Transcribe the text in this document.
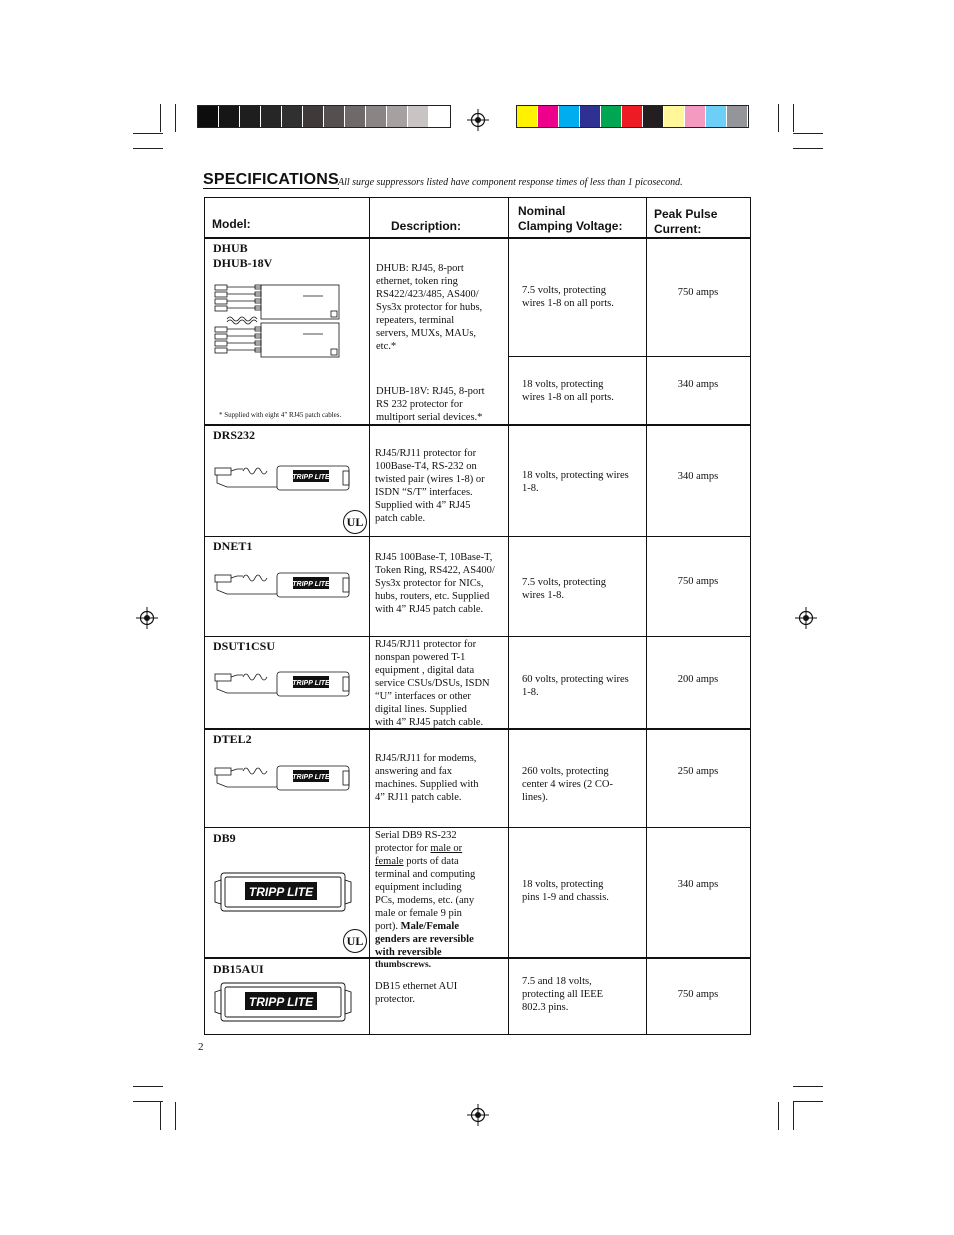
SPECIFICATIONS All surge suppressors listed have component response times of less than 1 picosecond.
Model:	Description:
Nominal
Clamping Voltage:
Peak Pulse
Current:
DHUB
DHUB-18V
* Supplied with eight 4" RJ45 patch cables.
DHUB: RJ45, 8-port
ethernet, token ring
RS422/423/485, AS400/
Sys3x protector for hubs,
repeaters, terminal
servers, MUXs, MAUs,
etc.*
7.5 volts, protecting
wires 1-8 on all ports.
750 amps
DHUB-18V: RJ45, 8-port
RS 232 protector for
multiport serial devices.*
18 volts, protecting
wires 1-8 on all ports.
340 amps
DRS232
TRIPP LITE
UL
RJ45/RJ11 protector for
100Base-T4, RS-232 on
twisted pair (wires 1-8) or
ISDN “S/T” interfaces.
Supplied with 4” RJ45
patch cable.
18 volts, protecting wires
1-8.
340 amps
DNET1
TRIPP LITE
RJ45 100Base-T, 10Base-T,
Token Ring, RS422, AS400/
Sys3x protector for NICs,
hubs, routers, etc. Supplied
with 4” RJ45 patch cable.
7.5 volts, protecting
wires 1-8.
750 amps
DSUT1CSU
TRIPP LITE
RJ45/RJ11 protector for
nonspan powered T-1
equipment , digital data
service CSUs/DSUs, ISDN
“U” interfaces or other
digital lines. Supplied
with 4” RJ45 patch cable.
60 volts, protecting wires
1-8.
200 amps
DTEL2
TRIPP LITE
RJ45/RJ11 for modems,
answering and fax
machines. Supplied with
4” RJ11 patch cable.
260 volts, protecting
center 4 wires (2 CO-
lines).
250 amps
DB9
TRIPP LITE
UL
Serial DB9 RS-232
protector for male or
female ports of data
terminal and computing
equipment including
PCs, modems, etc. (any
male or female 9 pin
port). Male/Female
genders are reversible
with reversible
thumbscrews.
18 volts, protecting
pins 1-9 and chassis.
340 amps
DB15AUI
TRIPP LITE
DB15 ethernet AUI
protector.
7.5 and 18 volts,
protecting all IEEE
802.3 pins.
750 amps
2
